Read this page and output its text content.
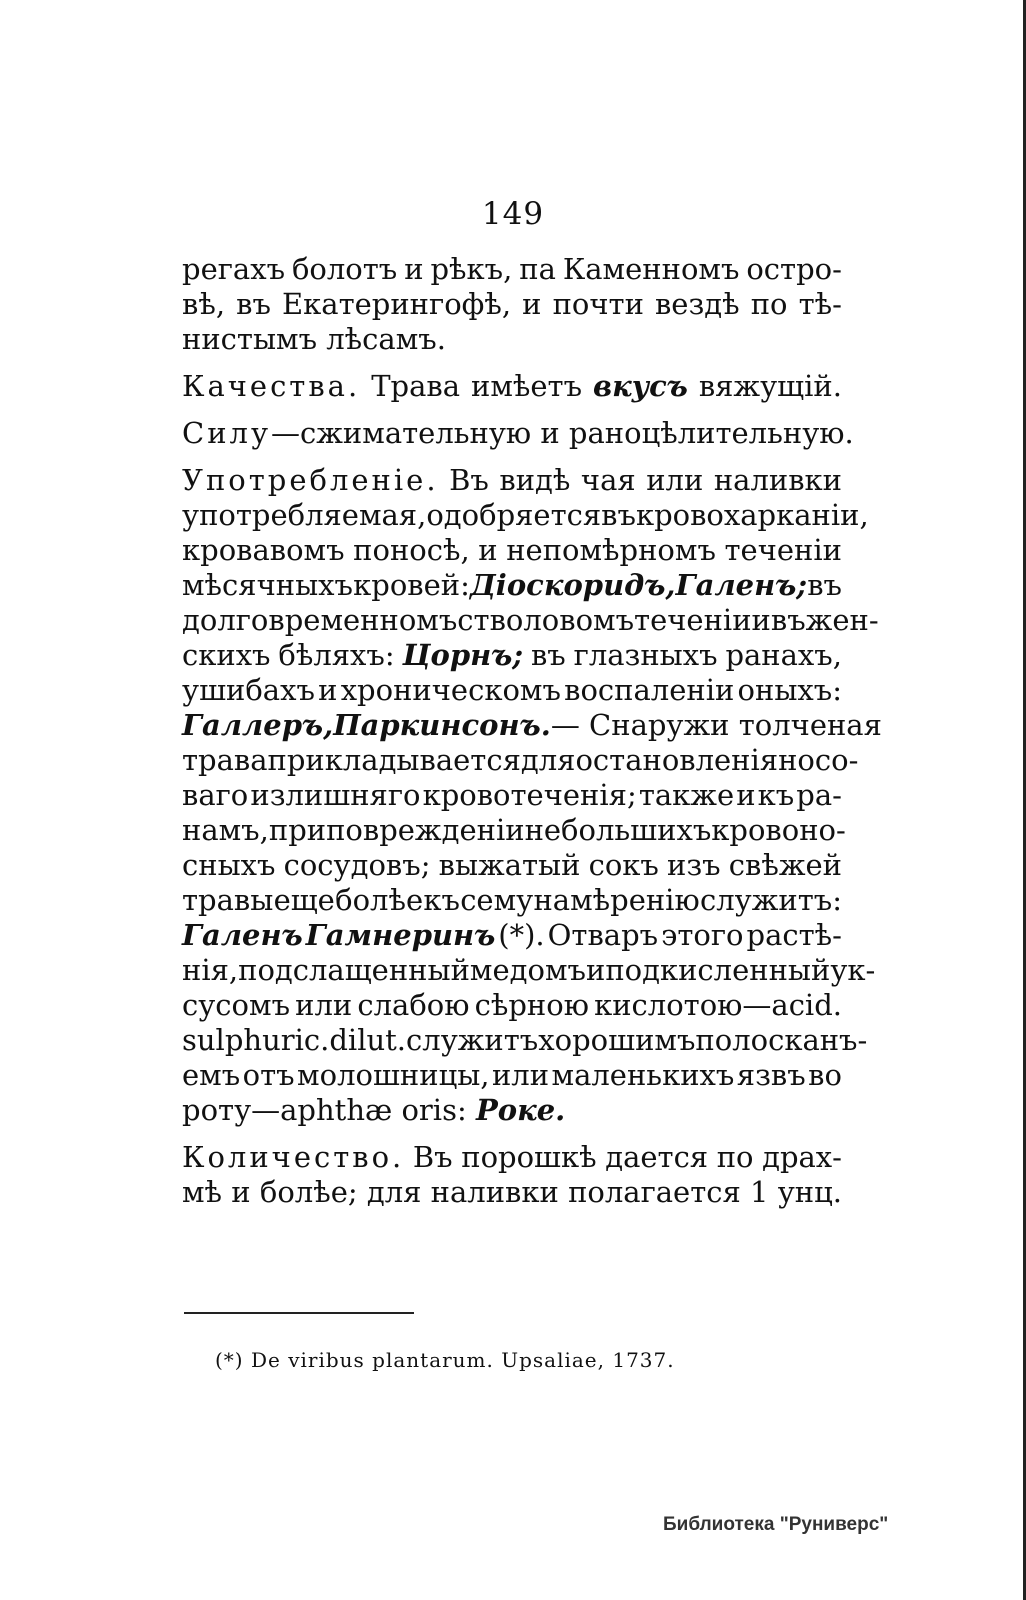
149
регахъ болотъ и рѣкъ, па Каменномъ остро-
вѣ, въ Екатерингофѣ, и почти вездѣ по тѣ-
нистымъ
лѣсамъ.
Качества. Трава имѣетъ вкусъ вяжущій.
Силу —сжимательную и раноцѣлительную.
Употребленіе. Въ видѣ чая или наливки
употребляемая, одобряется въ кровохарканіи,
кровавомъ поносѣ, и непомѣрномъ теченіи
мѣсячныхъ кровей: Діоскоридъ, Галенъ; въ
долговременномъ стволовомъ теченіи и въ жен-
скихъ бѣляхъ: Цорнъ; въ глазныхъ ранахъ,
ушибахъ и хроническомъ воспаленіи оныхъ:
Галлеръ, Паркинсонъ. — Снаружи толченая
трава прикладывается для остановленія носо-
ваго излишняго кровотеченія; также и къ ра-
намъ, при поврежденіи небольшихъ кровоно-
сныхъ сосудовъ; выжатый сокъ изъ свѣжей
травы еще болѣе къ сему намѣренію служитъ:
Галенъ Гамнеринъ (*). Отваръ этого растѣ-
нія, подслащенный медомъ и подкисленный ук-
сусомъ или слабою сѣрною кислотою—acid.
sulphuric. dilut. служитъ хорошимъ полосканъ-
емъ отъ молошницы, или маленькихъ язвъ во
роту—aphthæ oris:
Роке.
Количество. Въ порошкѣ дается по драх-
мѣ и болѣе; для наливки полагается 1 унц.
(*) De viribus plantarum. Upsaliae, 1737.
Библиотека "Руниверс"
